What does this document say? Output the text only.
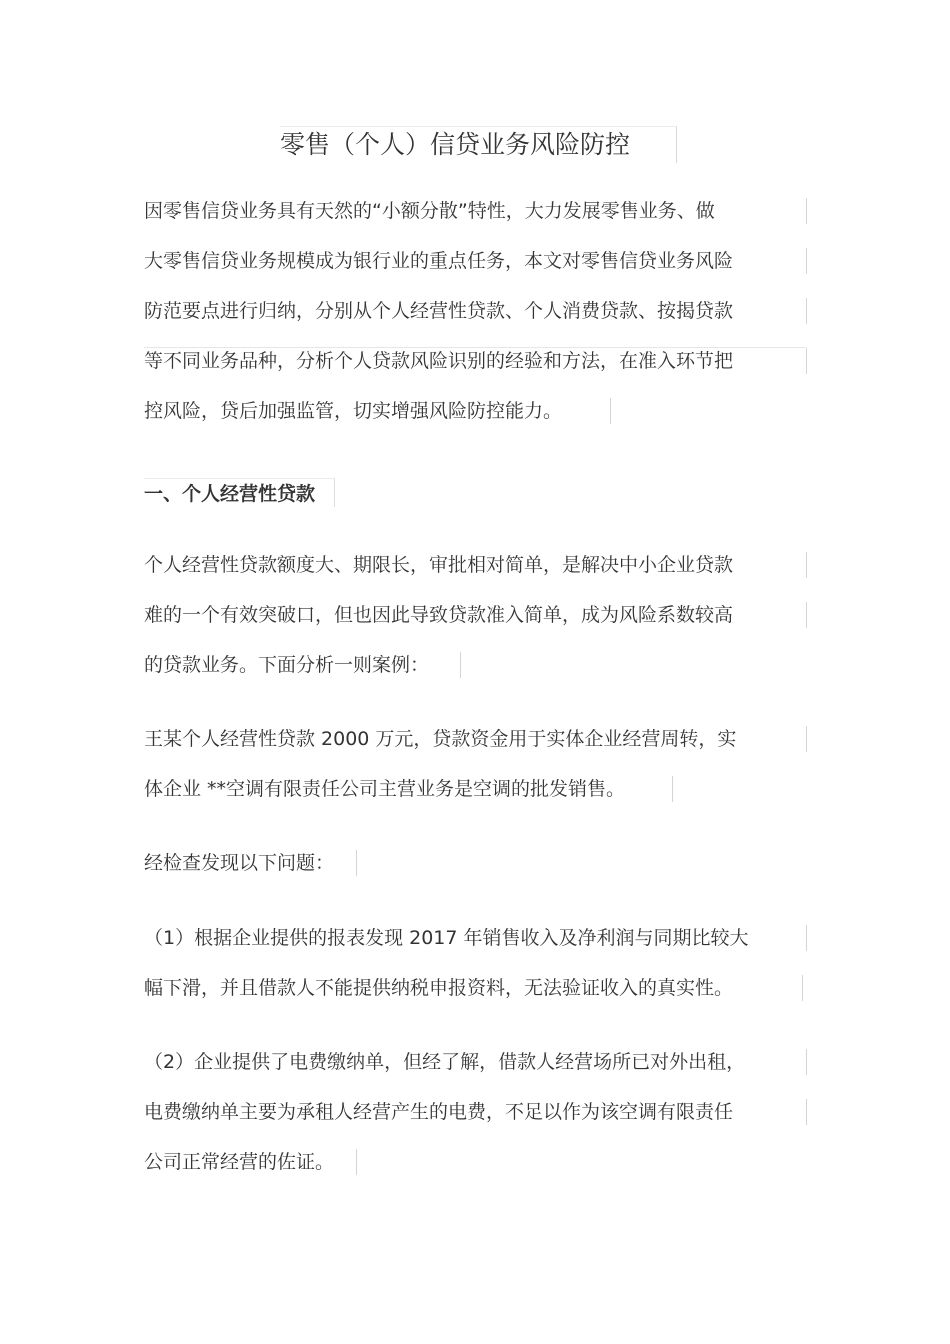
零售（个人）信贷业务风险防控
因零售信贷业务具有天然的“小额分散”特性，大力发展零售业务、做
大零售信贷业务规模成为银行业的重点任务，本文对零售信贷业务风险
防范要点进行归纳，分别从个人经营性贷款、个人消费贷款、按揭贷款
等不同业务品种，分析个人贷款风险识别的经验和方法，在准入环节把
控风险，贷后加强监管，切实增强风险防控能力。
一、个人经营性贷款
个人经营性贷款额度大、期限长，审批相对简单，是解决中小企业贷款
难的一个有效突破口，但也因此导致贷款准入简单，成为风险系数较高
的贷款业务。下面分析一则案例：
王某个人经营性贷款 2000 万元，贷款资金用于实体企业经营周转，实
体企业 **空调有限责任公司主营业务是空调的批发销售。
经检查发现以下问题：
（1）根据企业提供的报表发现 2017 年销售收入及净利润与同期比较大
幅下滑，并且借款人不能提供纳税申报资料，无法验证收入的真实性。
（2）企业提供了电费缴纳单，但经了解，借款人经营场所已对外出租，
电费缴纳单主要为承租人经营产生的电费，不足以作为该空调有限责任
公司正常经营的佐证。
